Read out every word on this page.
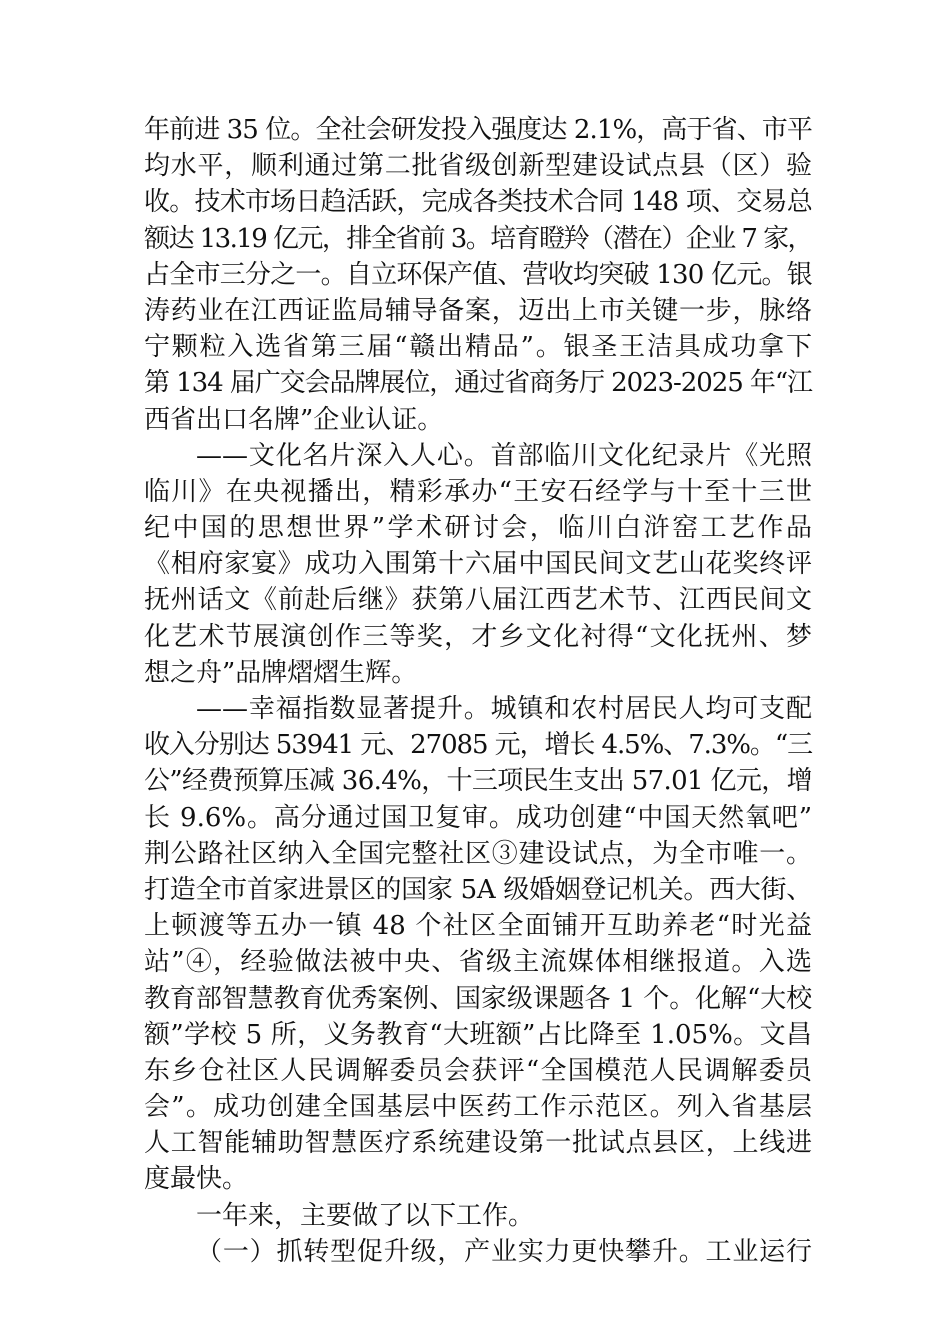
年前进 35 位。全社会研发投入强度达 2.1%，高于省、市平
均水平，顺利通过第二批省级创新型建设试点县（区）验
收。技术市场日趋活跃，完成各类技术合同 148 项、交易总
额达 13.19 亿元，排全省前 3。培育瞪羚（潜在）企业 7 家，
占全市三分之一。自立环保产值、营收均突破 130 亿元。银
涛药业在江西证监局辅导备案，迈出上市关键一步，脉络
宁颗粒入选省第三届“赣出精品”。银圣王洁具成功拿下
第 134 届广交会品牌展位，通过省商务厅 2023-2025 年“江
西省出口名牌”企业认证。
——文化名片深入人心。首部临川文化纪录片《光照
临川》在央视播出，精彩承办“王安石经学与十至十三世
纪中国的思想世界”学术研讨会，临川白浒窑工艺作品
《相府家宴》成功入围第十六届中国民间文艺山花奖终评
抚州话文《前赴后继》获第八届江西艺术节、江西民间文
化艺术节展演创作三等奖，才乡文化衬得“文化抚州、梦
想之舟”品牌熠熠生辉。
——幸福指数显著提升。城镇和农村居民人均可支配
收入分别达 53941 元、27085 元，增长 4.5%、7.3%。“三
公”经费预算压减 36.4%，十三项民生支出 57.01 亿元，增
长 9.6%。高分通过国卫复审。成功创建“中国天然氧吧”
荆公路社区纳入全国完整社区③建设试点，为全市唯一。
打造全市首家进景区的国家 5A 级婚姻登记机关。西大街、
上顿渡等五办一镇 48 个社区全面铺开互助养老“时光益
站”④，经验做法被中央、省级主流媒体相继报道。入选
教育部智慧教育优秀案例、国家级课题各 1 个。化解“大校
额”学校 5 所，义务教育“大班额”占比降至 1.05%。文昌
东乡仓社区人民调解委员会获评“全国模范人民调解委员
会”。成功创建全国基层中医药工作示范区。列入省基层
人工智能辅助智慧医疗系统建设第一批试点县区，上线进
度最快。
一年来，主要做了以下工作。
（一）抓转型促升级，产业实力更快攀升。工业运行
